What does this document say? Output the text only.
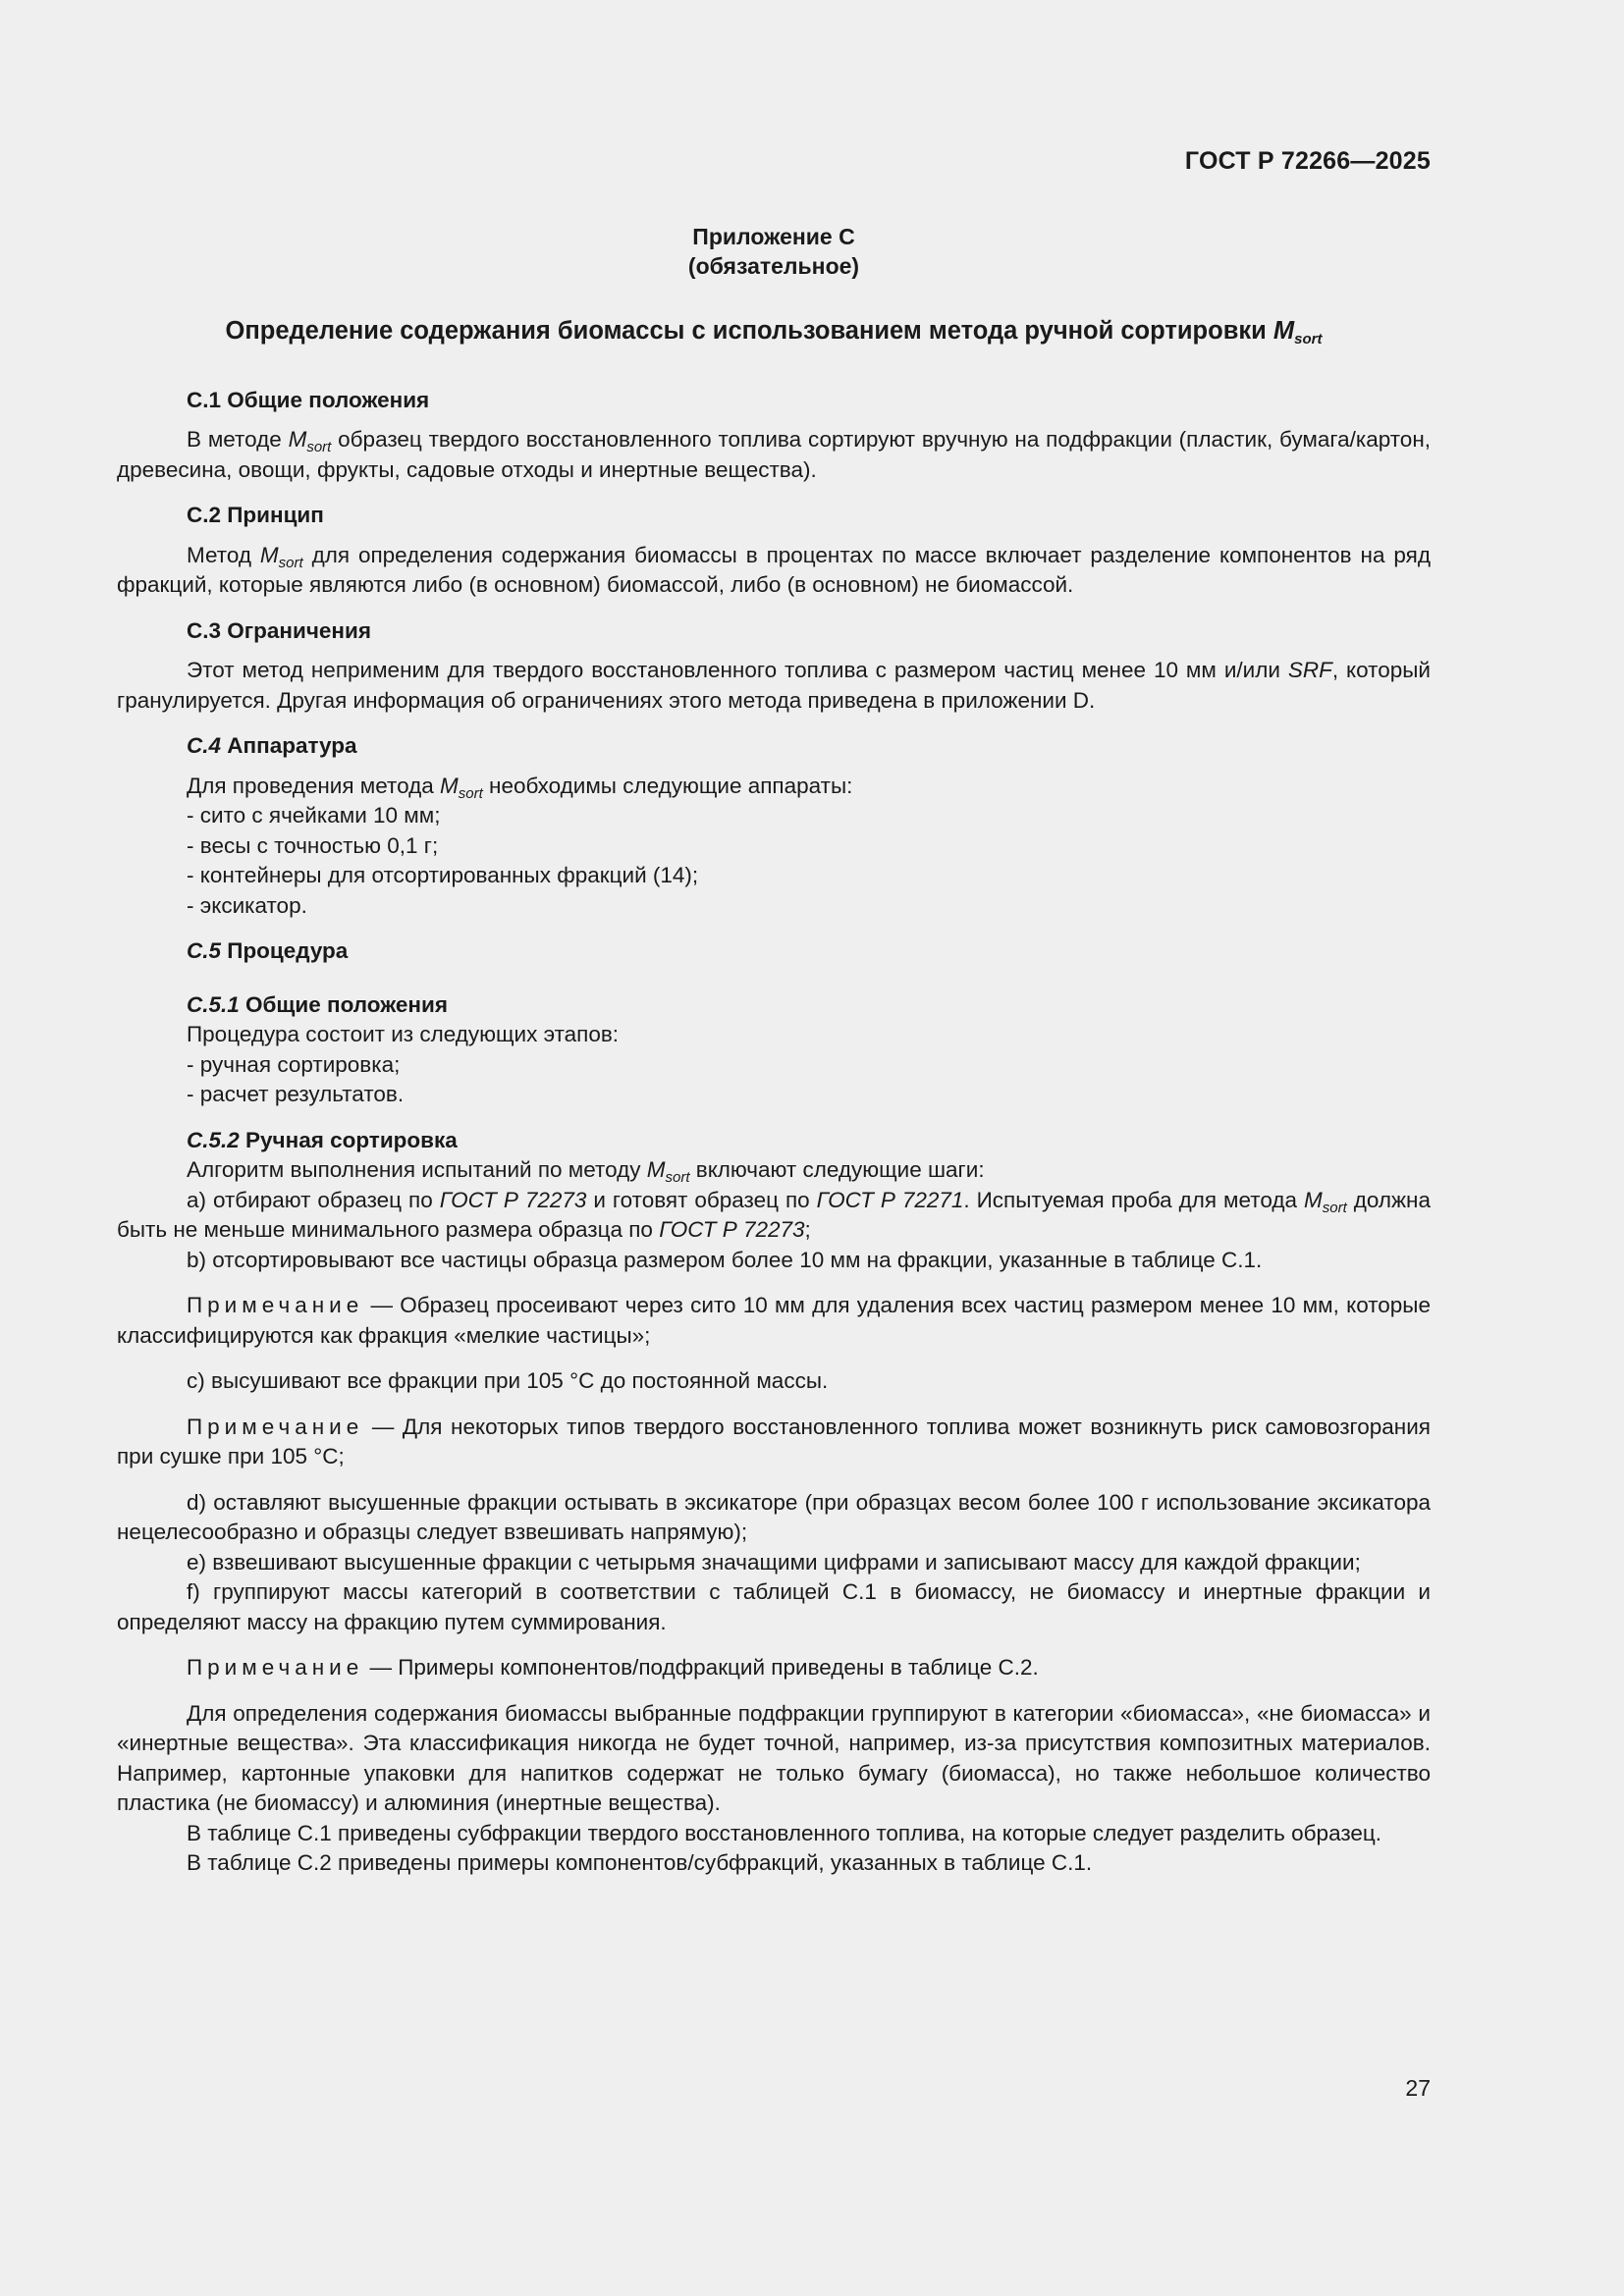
ГОСТ Р 72266—2025
Приложение С
(обязательное)
Определение содержания биомассы с использованием метода ручной сортировки $M_{sort}$
С.1 Общие положения

В методе $M_{sort}$ образец твердого восстановленного топлива сортируют вручную на подфракции (пластик, бумага/картон, древесина, овощи, фрукты, садовые отходы и инертные вещества).

С.2 Принцип

Метод $M_{sort}$ для определения содержания биомассы в процентах по массе включает разделение компонентов на ряд фракций, которые являются либо (в основном) биомассой, либо (в основном) не биомассой.

С.3 Ограничения

Этот метод неприменим для твердого восстановленного топлива с размером частиц менее 10 мм и/или SRF, который гранулируется. Другая информация об ограничениях этого метода приведена в приложении D.

С.4 Аппаратура

Для проведения метода $M_{sort}$ необходимы следующие аппараты:

- сито с ячейками 10 мм;
- весы с точностью 0,1 г;
- контейнеры для отсортированных фракций (14);
- эксикатор.
С.5 Процедура
С.5.1 Общие положения

Процедура состоит из следующих этапов:

- ручная сортировка;
- расчет результатов.
С.5.2 Ручная сортировка

Алгоритм выполнения испытаний по методу $M_{sort}$ включают следующие шаги:

а) отбирают образец по ГОСТ Р 72273 и готовят образец по ГОСТ Р 72271. Испытуемая проба для метода $M_{sort}$ должна быть не меньше минимального размера образца по ГОСТ Р 72273;

b) отсортировывают все частицы образца размером более 10 мм на фракции, указанные в таблице С.1.

Примечание — Образец просеивают через сито 10 мм для удаления всех частиц размером менее 10 мм, которые классифицируются как фракция «мелкие частицы»;

с) высушивают все фракции при 105 °С до постоянной массы.

Примечание — Для некоторых типов твердого восстановленного топлива может возникнуть риск самовозгорания при сушке при 105 °С;

d) оставляют высушенные фракции остывать в эксикаторе (при образцах весом более 100 г использование эксикатора нецелесообразно и образцы следует взвешивать напрямую);

е) взвешивают высушенные фракции с четырьмя значащими цифрами и записывают массу для каждой фракции;

f) группируют массы категорий в соответствии с таблицей С.1 в биомассу, не биомассу и инертные фракции и определяют массу на фракцию путем суммирования.

Примечание — Примеры компонентов/подфракций приведены в таблице С.2.

Для определения содержания биомассы выбранные подфракции группируют в категории «биомасса», «не биомасса» и «инертные вещества». Эта классификация никогда не будет точной, например, из-за присутствия композитных материалов. Например, картонные упаковки для напитков содержат не только бумагу (биомасса), но также небольшое количество пластика (не биомассу) и алюминия (инертные вещества).

В таблице С.1 приведены субфракции твердого восстановленного топлива, на которые следует разделить образец.

В таблице С.2 приведены примеры компонентов/субфракций, указанных в таблице С.1.

27
